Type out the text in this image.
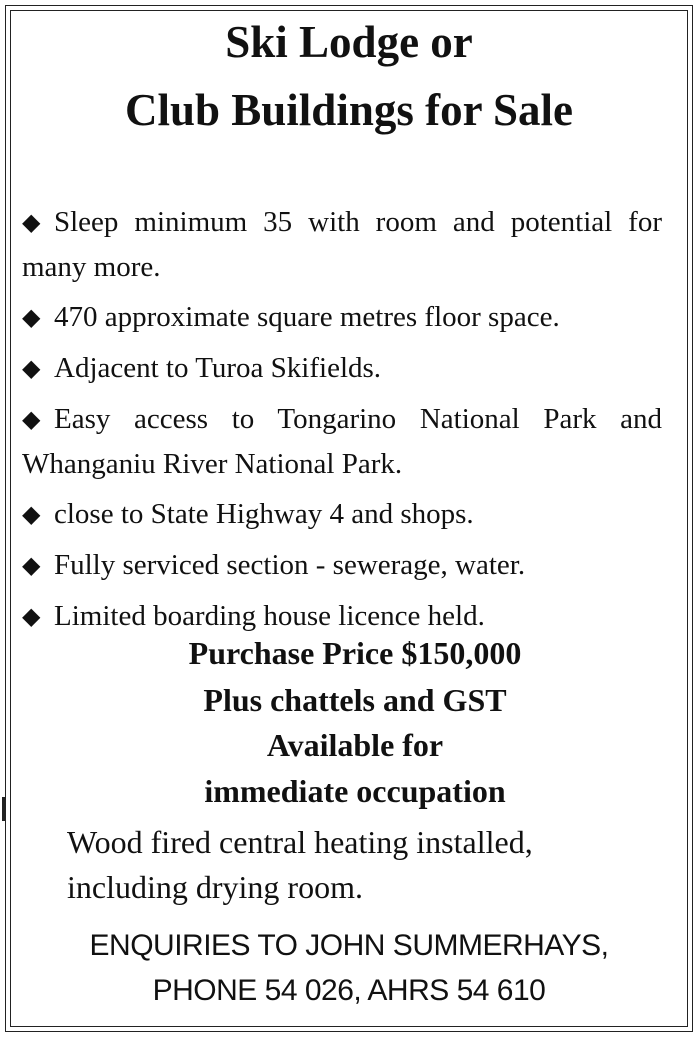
Ski Lodge or
Club Buildings for Sale

◆ Sleep minimum 35 with room and potential for many more.

◆ 470 approximate square metres floor space.

◆ Adjacent to Turoa Skifields.

◆ Easy access to Tongarino National Park and Whanganiu River National Park.

◆ close to State Highway 4 and shops.

◆ Fully serviced section - sewerage, water.

◆ Limited boarding house licence held.

Purchase Price $150,000

Plus chattels and GST

Available for

immediate occupation

Wood fired central heating installed,

including drying room.

ENQUIRIES TO JOHN SUMMERHAYS,

PHONE 54 026, AHRS 54 610
